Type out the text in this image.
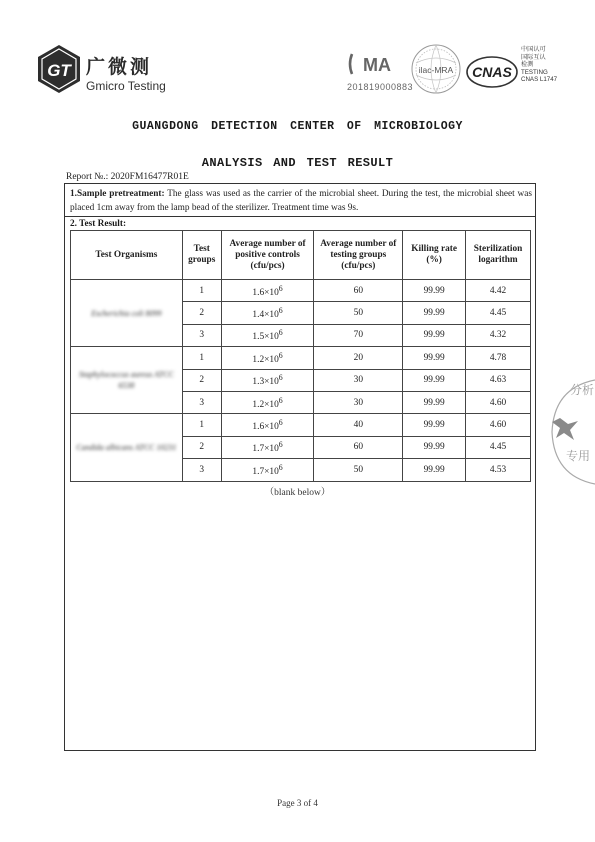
GT 广微测
Gmicro Testing
MA
201819000883
ilac-MRA CNAS
中国认可
国际互认
检测
TESTING
CNAS L1747
GUANGDONG DETECTION CENTER OF MICROBIOLOGY
ANALYSIS AND TEST RESULT
Report №.: 2020FM16477R01E
1.Sample pretreatment: The glass was used as the carrier of the microbial sheet. During the test, the microbial sheet was placed 1cm away from the lamp bead of the sterilizer. Treatment time was 9s.
2. Test Result:
Test Organisms	Test groups	Average number of positive controls (cfu/pcs)	Average number of testing groups (cfu/pcs)	Killing rate (%)	Sterilization logarithm

Escherichia coli 8099	1	$1.6\times 10^6$	60	99.99	4.42
	2	$1.4\times 10^6$	50	99.99	4.45
	3	$1.5\times 10^6$	70	99.99	4.32

Staphylococcus aureus ATCC 6538	1	$1.2\times 10^6$	20	99.99	4.78
	2	$1.3\times 10^6$	30	99.99	4.63
	3	$1.2\times 10^6$	30	99.99	4.60

Candida albicans ATCC 10231	1	$1.6\times 10^6$	40	99.99	4.60
	2	$1.7\times 10^6$	60	99.99	4.45
	3	$1.7\times 10^6$	50	99.99	4.53
（blank below）
Page 3 of 4
分析
专用
